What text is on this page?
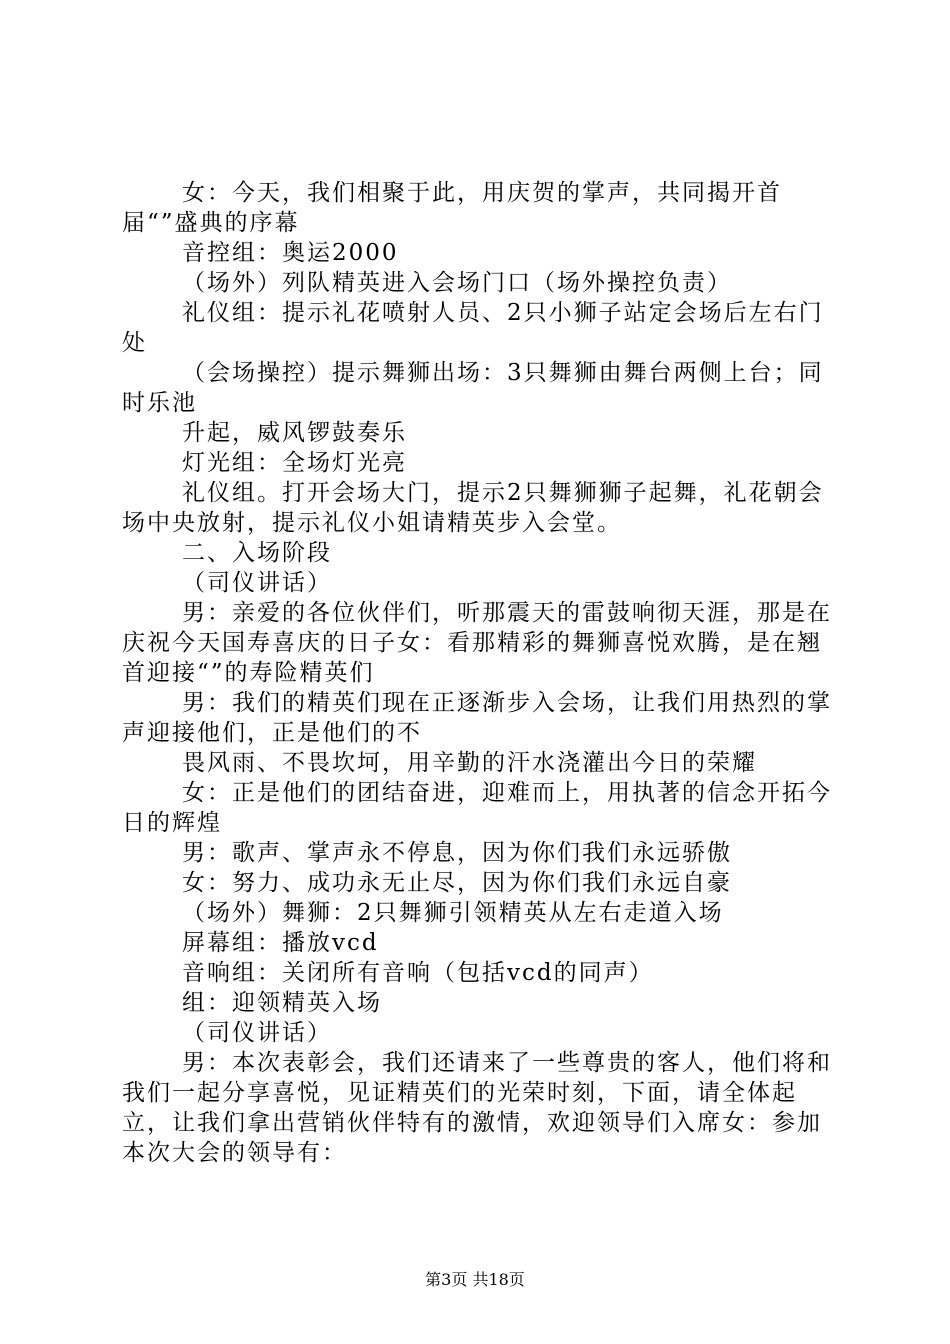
女：今天，我们相聚于此，用庆贺的掌声，共同揭开首届“”盛典的序幕

音控组：奥运2000

（场外）列队精英进入会场门口（场外操控负责）

礼仪组：提示礼花喷射人员、2只小狮子站定会场后左右门处

（会场操控）提示舞狮出场：3只舞狮由舞台两侧上台；同时乐池

升起，威风锣鼓奏乐

灯光组：全场灯光亮

礼仪组。打开会场大门，提示2只舞狮狮子起舞，礼花朝会场中央放射，提示礼仪小姐请精英步入会堂。

二、入场阶段

（司仪讲话）

男：亲爱的各位伙伴们，听那震天的雷鼓响彻天涯，那是在庆祝今天国寿喜庆的日子女：看那精彩的舞狮喜悦欢腾，是在翘首迎接“”的寿险精英们

男：我们的精英们现在正逐渐步入会场，让我们用热烈的掌声迎接他们，正是他们的不

畏风雨、不畏坎坷，用辛勤的汗水浇灌出今日的荣耀

女：正是他们的团结奋进，迎难而上，用执著的信念开拓今日的辉煌

男：歌声、掌声永不停息，因为你们我们永远骄傲

女：努力、成功永无止尽，因为你们我们永远自豪

（场外）舞狮：2只舞狮引领精英从左右走道入场

屏幕组：播放vcd

音响组：关闭所有音响（包括vcd的同声）

组：迎领精英入场

（司仪讲话）

男：本次表彰会，我们还请来了一些尊贵的客人，他们将和我们一起分享喜悦，见证精英们的光荣时刻，下面，请全体起立，让我们拿出营销伙伴特有的激情，欢迎领导们入席女：参加本次大会的领导有：

第3页 共18页
